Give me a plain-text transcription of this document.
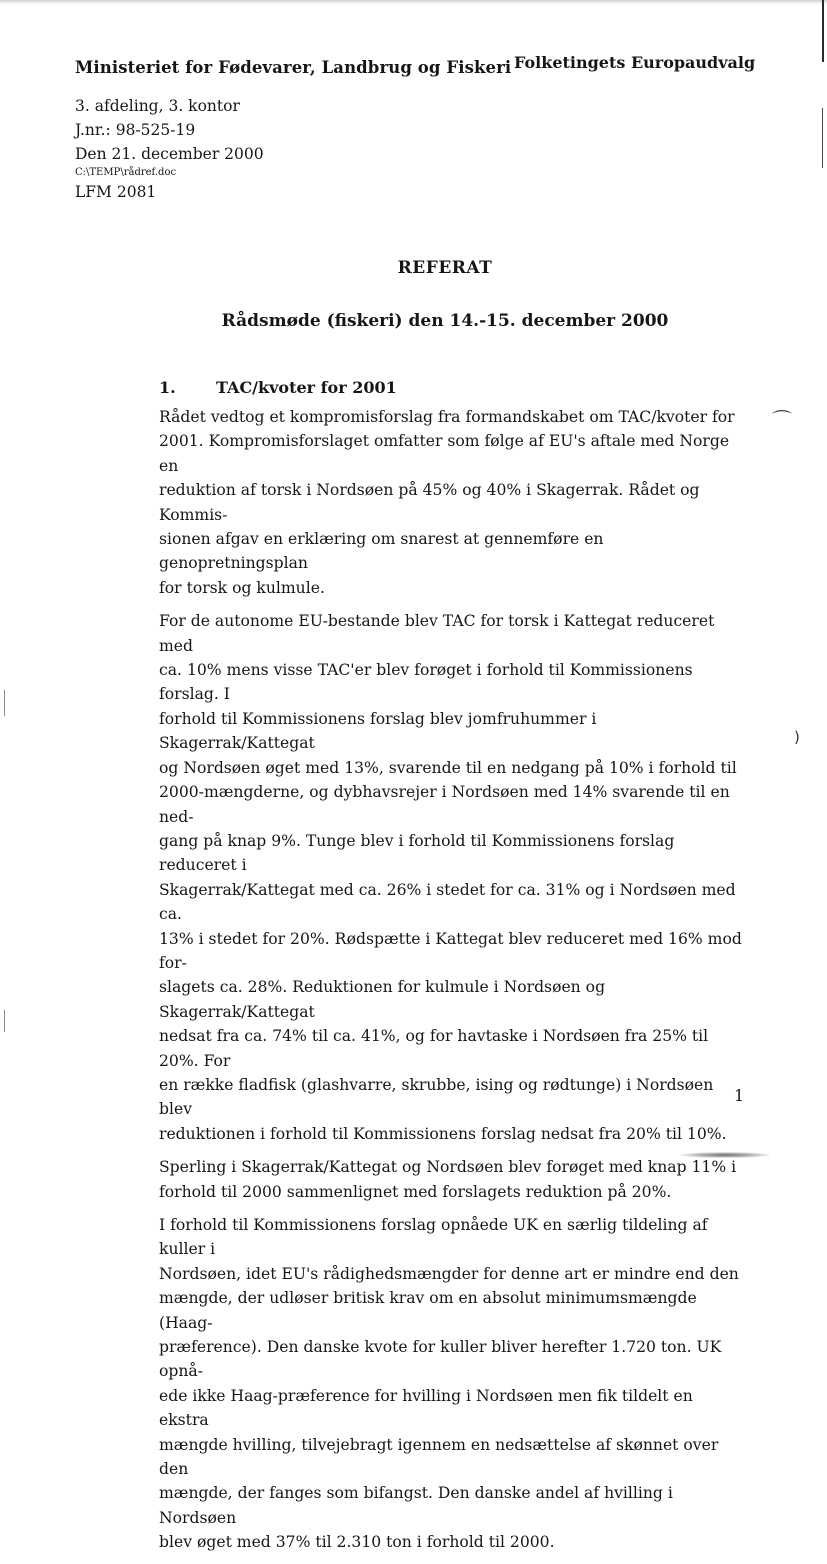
⌒
)
Ministeriet for Fødevarer, Landbrug og Fiskeri Folketingets Europaudvalg
3. afdeling, 3. kontor
J.nr.: 98-525-19
Den 21. december 2000
C:\TEMP\rådref.doc
LFM 2081
REFERAT
Rådsmøde (fiskeri) den 14.-15. december 2000
1.	TAC/kvoter for 2001

Rådet vedtog et kompromisforslag fra formandskabet om TAC/kvoter for
2001. Kompromisforslaget omfatter som følge af EU's aftale med Norge en
reduktion af torsk i Nordsøen på 45% og 40% i Skagerrak. Rådet og Kommis-
sionen afgav en erklæring om snarest at gennemføre en genopretningsplan
for torsk og kulmule.

For de autonome EU-bestande blev TAC for torsk i Kattegat reduceret med
ca. 10% mens visse TAC'er blev forøget i forhold til Kommissionens forslag. I
forhold til Kommissionens forslag blev jomfruhummer i Skagerrak/Kattegat
og Nordsøen øget med 13%, svarende til en nedgang på 10% i forhold til
2000-mængderne, og dybhavsrejer i Nordsøen med 14% svarende til en ned-
gang på knap 9%. Tunge blev i forhold til Kommissionens forslag reduceret i
Skagerrak/Kattegat med ca. 26% i stedet for ca. 31% og i Nordsøen med ca.
13% i stedet for 20%. Rødspætte i Kattegat blev reduceret med 16% mod for-
slagets ca. 28%. Reduktionen for kulmule i Nordsøen og Skagerrak/Kattegat
nedsat fra ca. 74% til ca. 41%, og for havtaske i Nordsøen fra 25% til 20%. For
en række fladfisk (glashvarre, skrubbe, ising og rødtunge) i Nordsøen blev
reduktionen i forhold til Kommissionens forslag nedsat fra 20% til 10%.

Sperling i Skagerrak/Kattegat og Nordsøen blev forøget med knap 11% i
forhold til 2000 sammenlignet med forslagets reduktion på 20%.

I forhold til Kommissionens forslag opnåede UK en særlig tildeling af kuller i
Nordsøen, idet EU's rådighedsmængder for denne art er mindre end den
mængde, der udløser britisk krav om en absolut minimumsmængde (Haag-
præference). Den danske kvote for kuller bliver herefter 1.720 ton. UK opnå-
ede ikke Haag-præference for hvilling i Nordsøen men fik tildelt en ekstra
mængde hvilling, tilvejebragt igennem en nedsættelse af skønnet over den
mængde, der fanges som bifangst. Den danske andel af hvilling i Nordsøen
blev øget med 37% til 2.310 ton i forhold til 2000.

1
